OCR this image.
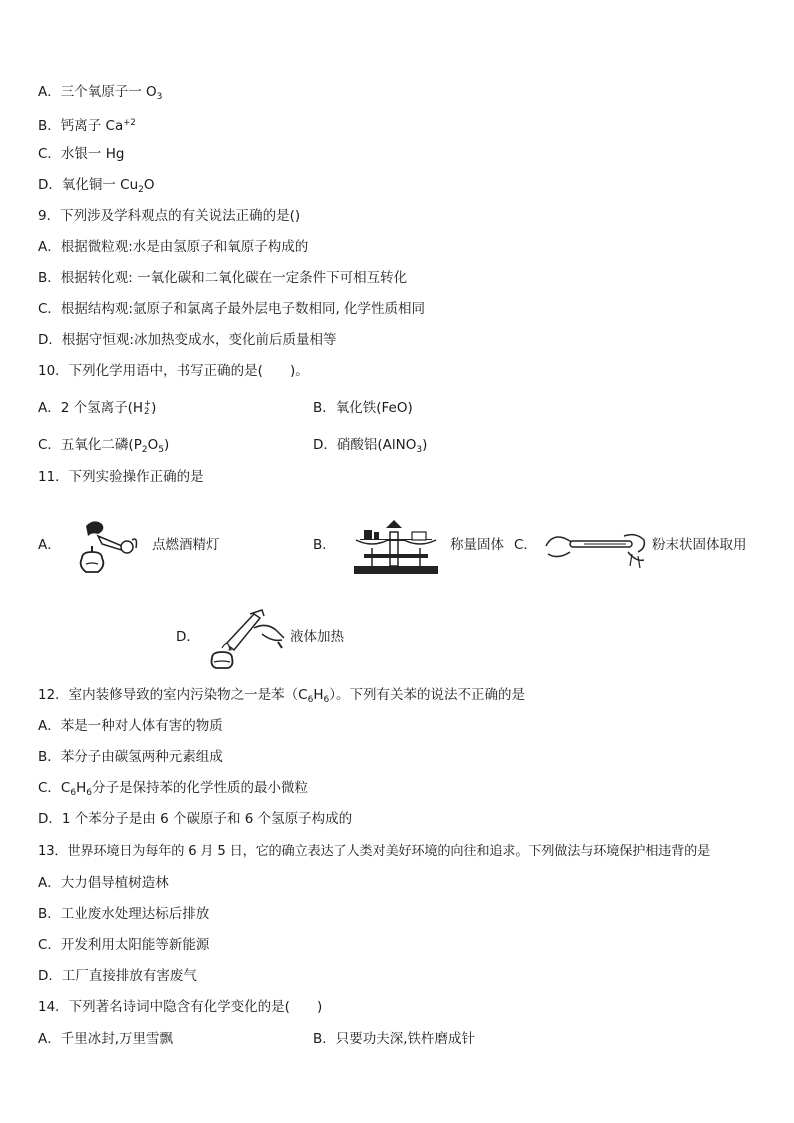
A．三个氧原子一 $O_3$
B．钙离子 $Ca^{+2}$
C．水银一 Hg
D．氧化铜一 $Cu_2O$
9．下列涉及学科观点的有关说法正确的是()
A．根据微粒观:水是由氢原子和氧原子构成的
B．根据转化观: 一氧化碳和二氧化碳在一定条件下可相互转化
C．根据结构观:氩原子和氯离子最外层电子数相同, 化学性质相同
D．根据守恒观:冰加热变成水，变化前后质量相等
10．下列化学用语中，书写正确的是(　　)。
A．2 个氢离子(H +
2 )	B．氧化铁(FeO)
C．五氧化二磷$(P_2O_5)$	D．硝酸铝(AlNO$_3$)
11．下列实验操作正确的是
A．	点燃酒精灯	B．	称量固体 C．	粉末状固体取用
D．	液体加热
12．室内装修导致的室内污染物之一是苯$(C_6H_6)$。下列有关苯的说法不正确的是
A．苯是一种对人体有害的物质
B．苯分子由碳氢两种元素组成
C．$C_6H_6$分子是保持苯的化学性质的最小微粒
D．1 个苯分子是由 6 个碳原子和 6 个氢原子构成的
13．世界环境日为每年的 6 月 5 日，它的确立表达了人类对美好环境的向往和追求。下列做法与环境保护相违背的是
A．大力倡导植树造林
B．工业废水处理达标后排放
C．开发利用太阳能等新能源
D．工厂直接排放有害废气
14．下列著名诗词中隐含有化学变化的是(　　)
A．千里冰封,万里雪飘	B．只要功夫深,铁杵磨成针
